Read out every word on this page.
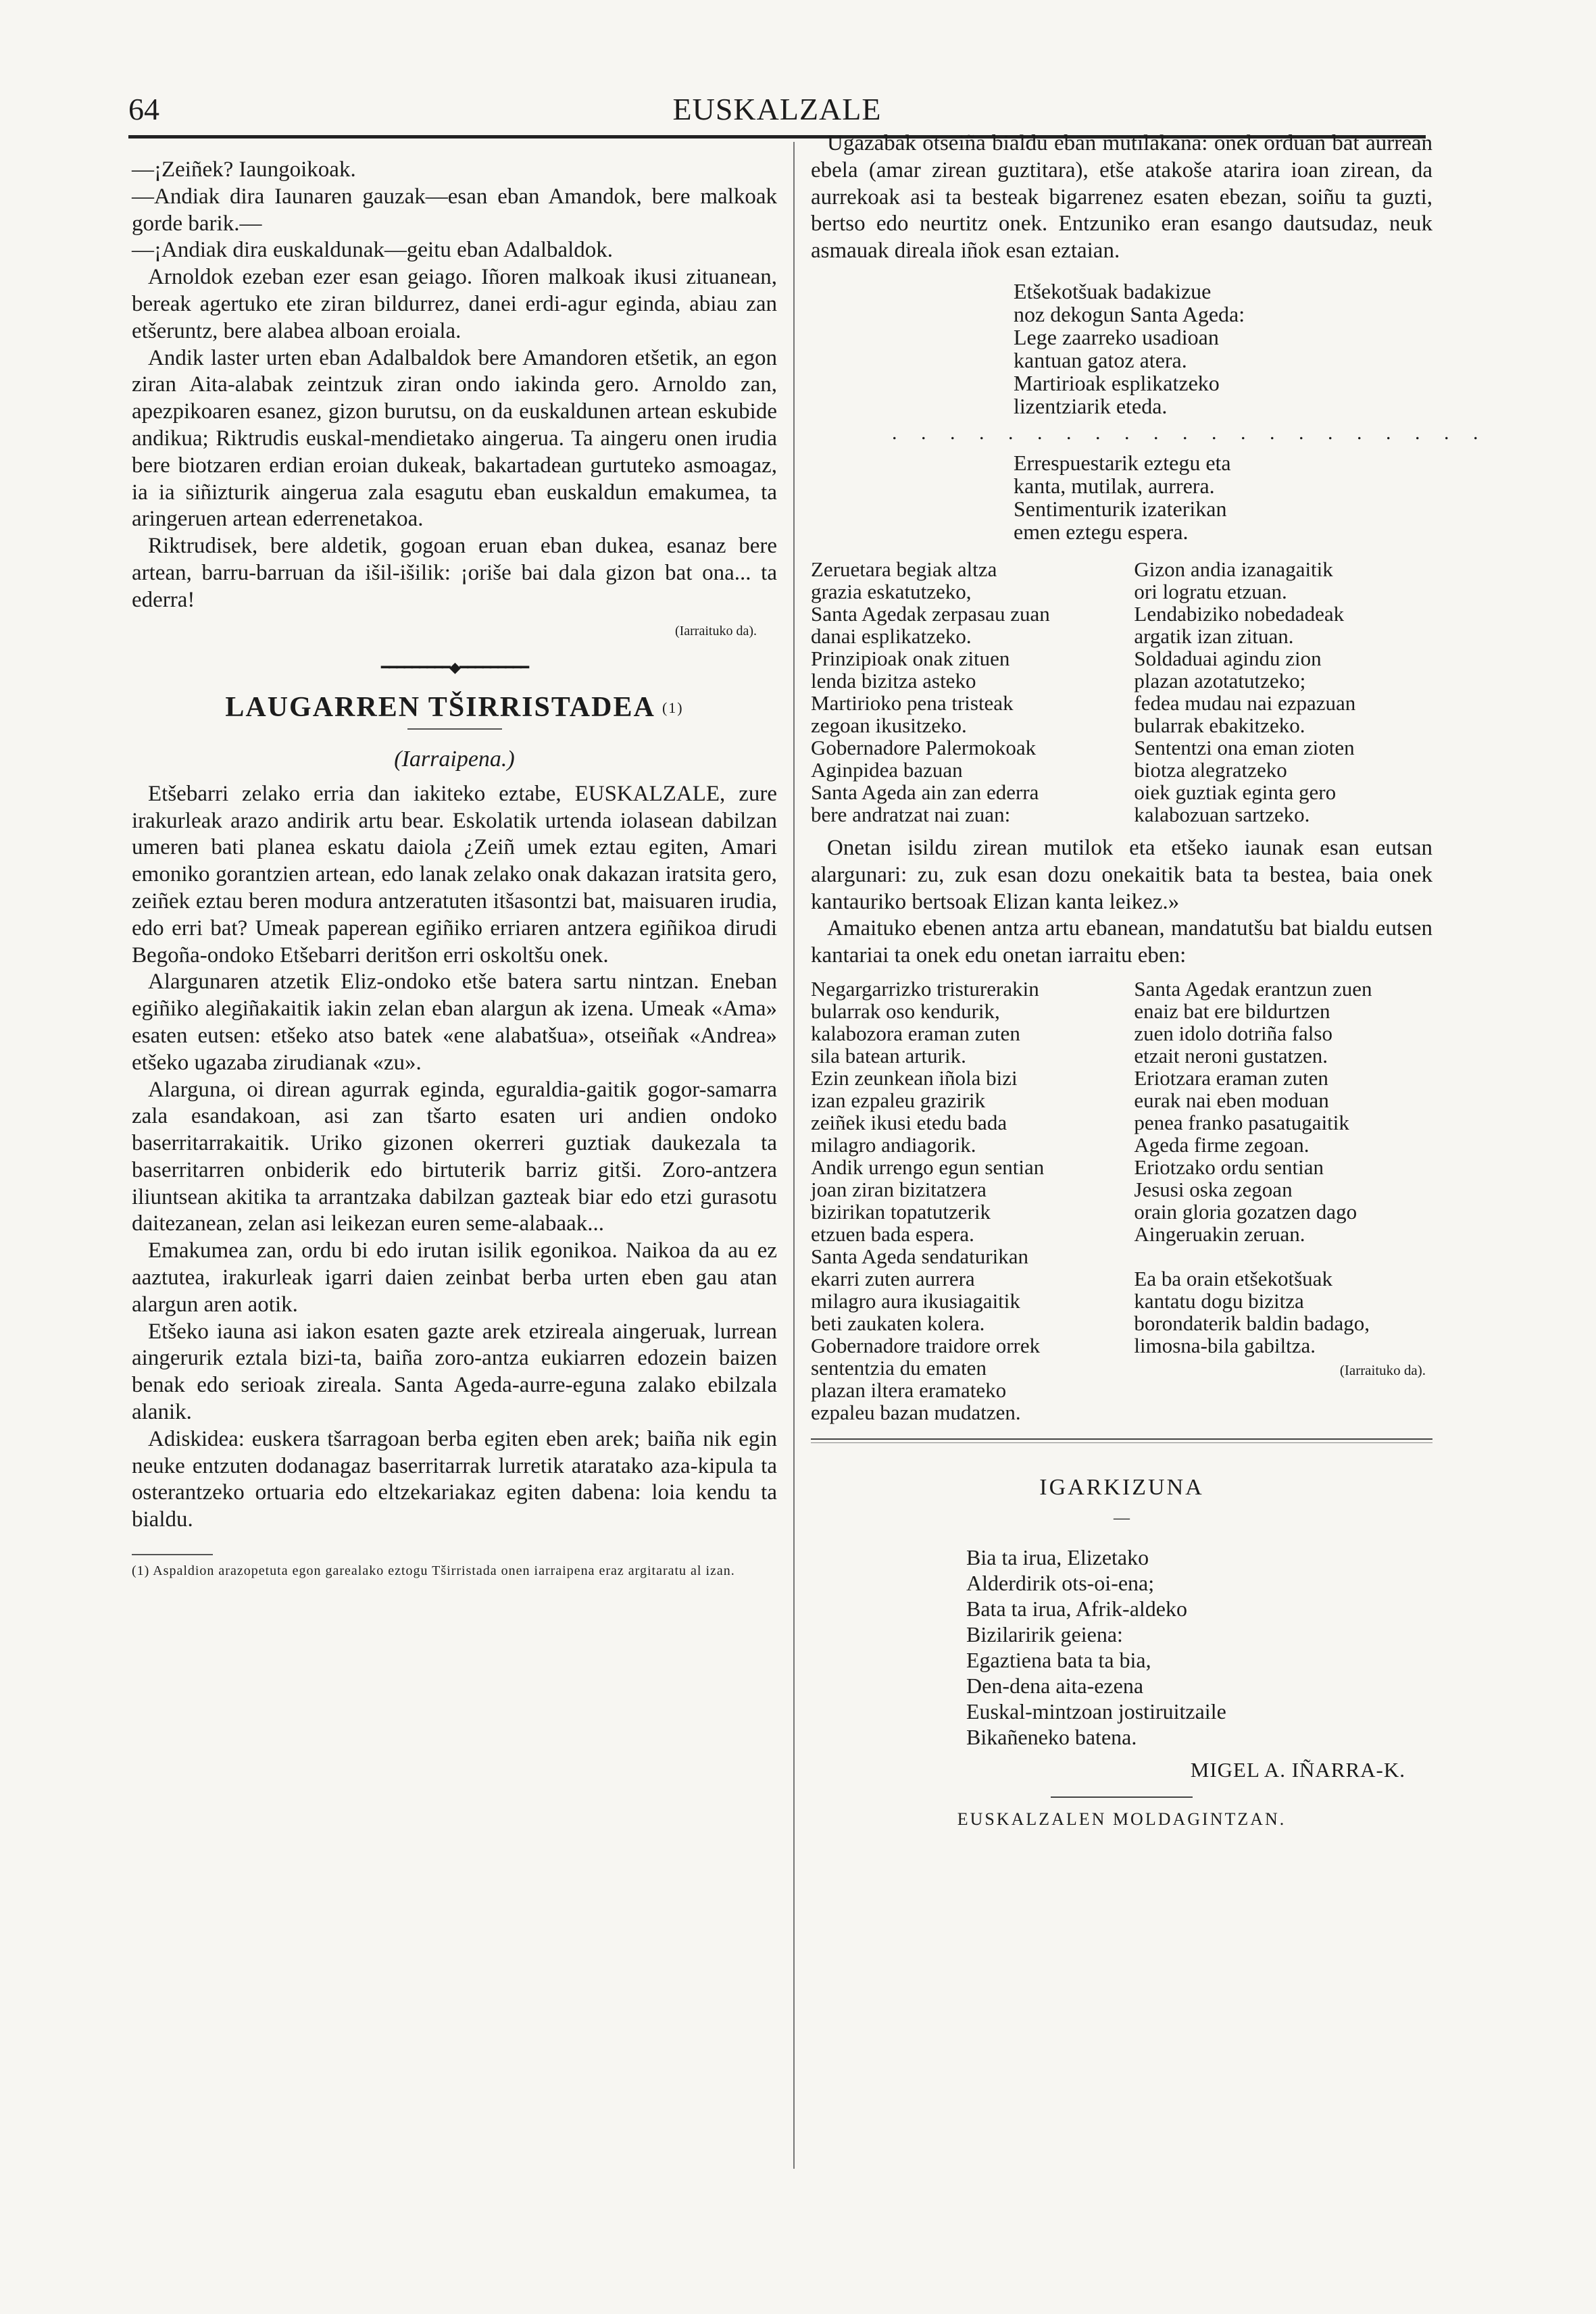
64	EUSKALZALE

—¡Zeiñek? Iaungoikoak.

—Andiak dira Iaunaren gauzak—esan eban Amandok, bere malkoak gorde barik.—

—¡Andiak dira euskaldunak—geitu eban Adalbaldok.

Arnoldok ezeban ezer esan geiago. Iñoren malkoak ikusi zituanean, bereak agertuko ete ziran bildurrez, danei erdi-agur eginda, abiau zan etšeruntz, bere alabea alboan eroiala.

Andik laster urten eban Adalbaldok bere Amandoren etšetik, an egon ziran Aita-alabak zeintzuk ziran ondo iakinda gero. Arnoldo zan, apezpikoaren esanez, gizon burutsu, on da euskaldunen artean eskubide andikua; Riktrudis euskal-mendietako aingerua. Ta aingeru onen irudia bere biotzaren erdian eroian dukeak, bakartadean gurtuteko asmoagaz, ia ia siñizturik aingerua zala esagutu eban euskaldun emakumea, ta aringeruen artean ederrenetakoa.

Riktrudisek, bere aldetik, gogoan eruan eban dukea, esanaz bere artean, barru-barruan da išil-išilik: ¡oriše bai dala gizon bat ona... ta ederra!

(Iarraituko da).
━━━━━━━━━◆━━━━━━━━━
LAUGARREN TŠIRRISTADEA $^{(1)}$
(Iarraipena.)

Etšebarri zelako erria dan iakiteko eztabe, EUSKALZALE, zure irakurleak arazo andirik artu bear. Eskolatik urtenda iolasean dabilzan umeren bati planea eskatu daiola ¿Zeiñ umek eztau egiten, Amari emoniko gorantzien artean, edo lanak zelako onak dakazan iratsita gero, zeiñek eztau beren modura antzeratuten itšasontzi bat, maisuaren irudia, edo erri bat? Umeak paperean egiñiko erriaren antzera egiñikoa dirudi Begoña-ondoko Etšebarri deritšon erri oskoltšu onek.

Alargunaren atzetik Eliz-ondoko etše batera sartu nintzan. Eneban egiñiko alegiñakaitik iakin zelan eban alargun ak izena. Umeak «Ama» esaten eutsen: etšeko atso batek «ene alabatšua», otseiñak «Andrea» etšeko ugazaba zirudianak «zu».

Alarguna, oi direan agurrak eginda, eguraldia-gaitik gogor-samarra zala esandakoan, asi zan tšarto esaten uri andien ondoko baserritarrakaitik. Uriko gizonen okerreri guztiak daukezala ta baserritarren onbiderik edo birtuterik barriz gitši. Zoro-antzera iliuntsean akitika ta arrantzaka dabilzan gazteak biar edo etzi gurasotu daitezanean, zelan asi leikezan euren seme-alabaak...

Emakumea zan, ordu bi edo irutan isilik egonikoa. Naikoa da au ez aaztutea, irakurleak igarri daien zeinbat berba urten eben gau atan alargun aren aotik.

Etšeko iauna asi iakon esaten gazte arek etzireala aingeruak, lurrean aingerurik eztala bizi-ta, baiña zoro-antza eukiarren edozein baizen benak edo serioak zireala. Santa Ageda-aurre-eguna zalako ebilzala alanik.

Adiskidea: euskera tšarragoan berba egiten eben arek; baiña nik egin neuke entzuten dodanagaz baserritarrak lurretik ataratako aza-kipula ta osterantzeko ortuaria edo eltzekariakaz egiten dabena: loia kendu ta bialdu.

(1) Aspaldion arazopetuta egon garealako eztogu Tširristada onen iarraipena eraz argitaratu al izan.

Ugazabak otseiña bialdu eban mutilakana: onek orduan bat aurrean ebela (amar zirean guztitara), etše atakoše atarira ioan zirean, da aurrekoak asi ta besteak bigarrenez esaten ebezan, soiñu ta guzti, bertso edo neurtitz onek. Entzuniko eran esango dautsudaz, neuk asmauak direala iñok esan eztaian.

Etšekotšuak badakizue
noz dekogun Santa Ageda:
Lege zaarreko usadioan
kantuan gatoz atera.
Martirioak esplikatzeko
lizentziarik eteda.
. . . . . . . . . . . . . . . . . . . . .
Errespuestarik eztegu eta
kanta, mutilak, aurrera.
Sentimenturik izaterikan
emen eztegu espera.
Zeruetara begiak altza
grazia eskatutzeko,
Santa Agedak zerpasau zuan
danai esplikatzeko.
Prinzipioak onak zituen
lenda bizitza asteko
Martirioko pena tristeak
zegoan ikusitzeko.
Gobernadore Palermokoak
Aginpidea bazuan
Santa Ageda ain zan ederra
bere andratzat nai zuan:
Gizon andia izanagaitik
ori logratu etzuan.
Lendabiziko nobedadeak
argatik izan zituan.
Soldaduai agindu zion
plazan azotatutzeko;
fedea mudau nai ezpazuan
bularrak ebakitzeko.
Sententzi ona eman zioten
biotza alegratzeko
oiek guztiak eginta gero
kalabozuan sartzeko.

Onetan isildu zirean mutilok eta etšeko iaunak esan eutsan alargunari: zu, zuk esan dozu onekaitik bata ta bestea, baia onek kantauriko bertsoak Elizan kanta leikez.»

Amaituko ebenen antza artu ebanean, mandatutšu bat bialdu eutsen kantariai ta onek edu onetan iarraitu eben:

Negargarrizko tristurerakin
bularrak oso kendurik,
kalabozora eraman zuten
sila batean arturik.
Ezin zeunkean iñola bizi
izan ezpaleu grazirik
zeiñek ikusi etedu bada
milagro andiagorik.
Andik urrengo egun sentian
joan ziran bizitatzera
bizirikan topatutzerik
etzuen bada espera.
Santa Ageda sendaturikan
ekarri zuten aurrera
milagro aura ikusiagaitik
beti zaukaten kolera.
Gobernadore traidore orrek
sententzia du ematen
plazan iltera eramateko
ezpaleu bazan mudatzen.
Santa Agedak erantzun zuen
enaiz bat ere bildurtzen
zuen idolo dotriña falso
etzait neroni gustatzen.
Eriotzara eraman zuten
eurak nai eben moduan
penea franko pasatugaitik
Ageda firme zegoan.
Eriotzako ordu sentian
Jesusi oska zegoan
orain gloria gozatzen dago
Aingeruakin zeruan.
Ea ba orain etšekotšuak
kantatu dogu bizitza
borondaterik baldin badago,
limosna-bila gabiltza.
(Iarraituko da).
IGARKIZUNA
—
Bia ta irua, Elizetako
Alderdirik ots-oi-ena;
Bata ta irua, Afrik-aldeko
Bizilaririk geiena:
Egaztiena bata ta bia,
Den-dena aita-ezena
Euskal-mintzoan jostiruitzaile
Bikañeneko batena.
MIGEL A. IÑARRA-K.
EUSKALZALEN MOLDAGINTZAN.
